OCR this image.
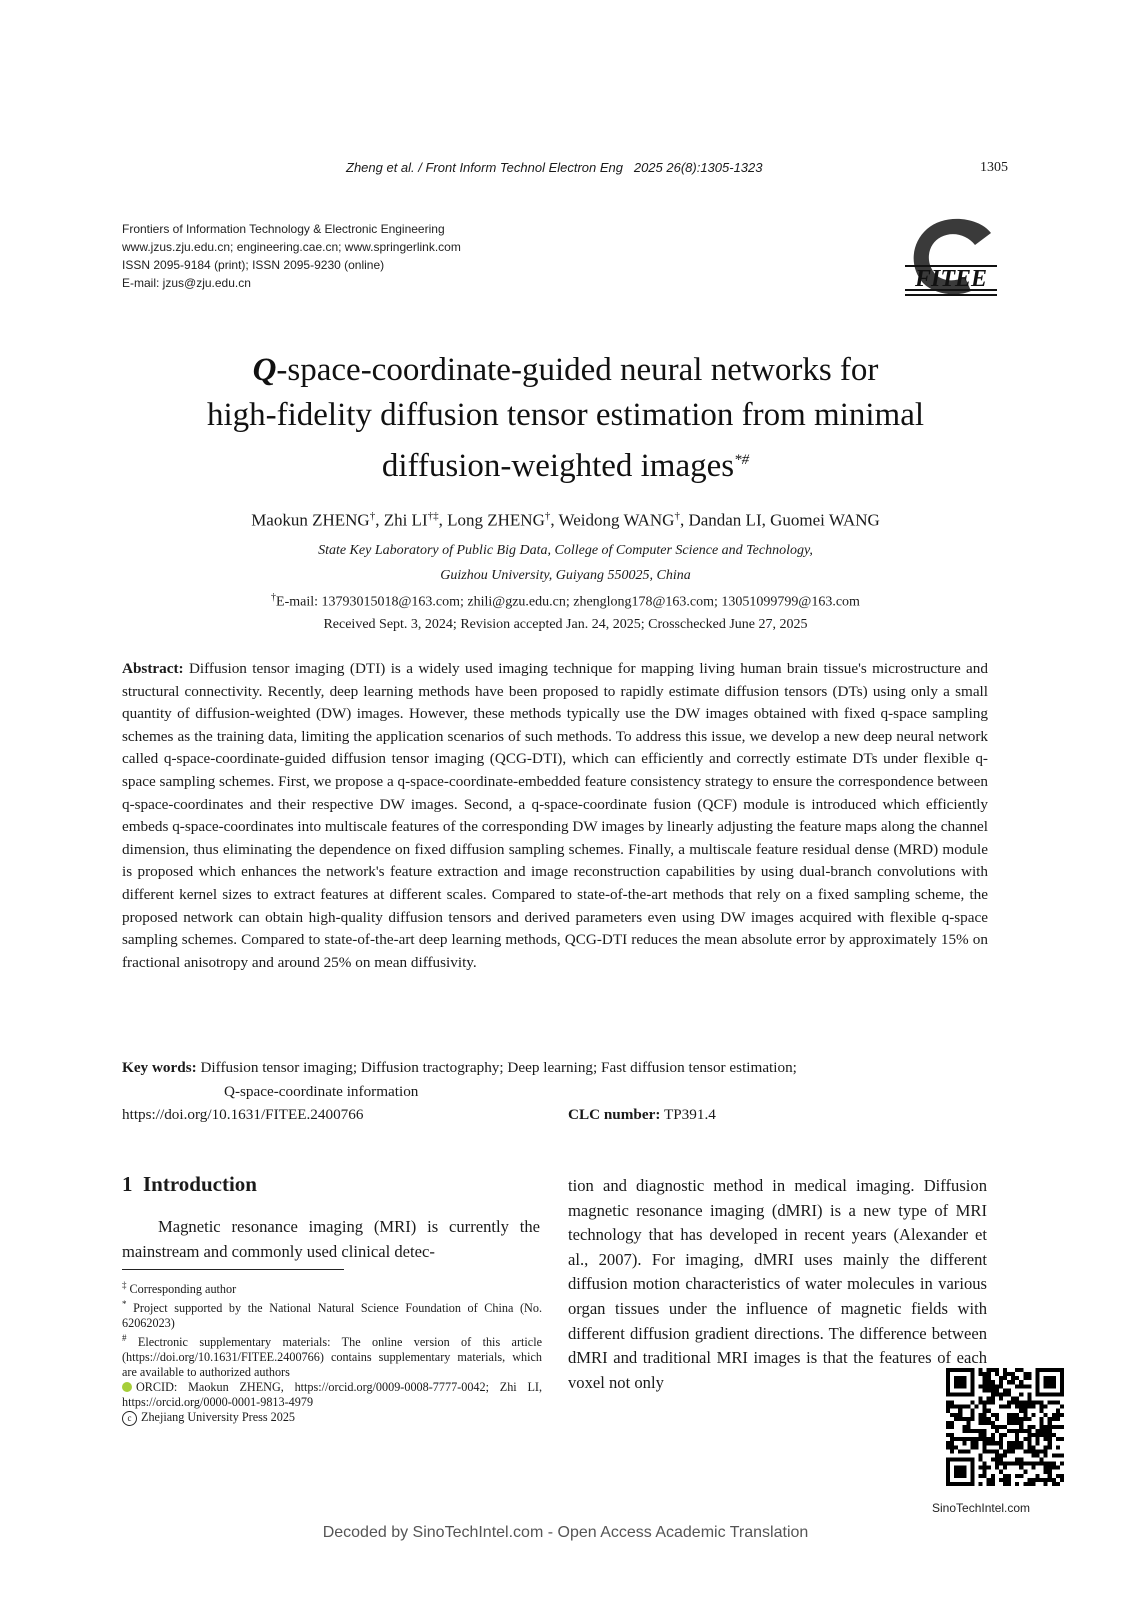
Zheng et al. / Front Inform Technol Electron Eng   2025 26(8):1305-1323	1305
Frontiers of Information Technology & Electronic Engineering
www.jzus.zju.edu.cn; engineering.cae.cn; www.springerlink.com
ISSN 2095-9184 (print); ISSN 2095-9230 (online)
E-mail: jzus@zju.edu.cn	FITEE
Q-space-coordinate-guided neural networks for
high-fidelity diffusion tensor estimation from minimal
diffusion-weighted images*#
Maokun ZHENG†, Zhi LI†‡, Long ZHENG†, Weidong WANG†, Dandan LI, Guomei WANG
State Key Laboratory of Public Big Data, College of Computer Science and Technology,
Guizhou University, Guiyang 550025, China
†E-mail: 13793015018@163.com; zhili@gzu.edu.cn; zhenglong178@163.com; 13051099799@163.com
Received Sept. 3, 2024; Revision accepted Jan. 24, 2025; Crosschecked June 27, 2025
Abstract: Diffusion tensor imaging (DTI) is a widely used imaging technique for mapping living human brain tissue's microstructure and structural connectivity. Recently, deep learning methods have been proposed to rapidly estimate diffusion tensors (DTs) using only a small quantity of diffusion-weighted (DW) images. However, these methods typically use the DW images obtained with fixed q-space sampling schemes as the training data, limiting the application scenarios of such methods. To address this issue, we develop a new deep neural network called q-space-coordinate-guided diffusion tensor imaging (QCG-DTI), which can efficiently and correctly estimate DTs under flexible q-space sampling schemes. First, we propose a q-space-coordinate-embedded feature consistency strategy to ensure the correspondence between q-space-coordinates and their respective DW images. Second, a q-space-coordinate fusion (QCF) module is introduced which efficiently embeds q-space-coordinates into multiscale features of the corresponding DW images by linearly adjusting the feature maps along the channel dimension, thus eliminating the dependence on fixed diffusion sampling schemes. Finally, a multiscale feature residual dense (MRD) module is proposed which enhances the network's feature extraction and image reconstruction capabilities by using dual-branch convolutions with different kernel sizes to extract features at different scales. Compared to state-of-the-art methods that rely on a fixed sampling scheme, the proposed network can obtain high-quality diffusion tensors and derived parameters even using DW images acquired with flexible q-space sampling schemes. Compared to state-of-the-art deep learning methods, QCG-DTI reduces the mean absolute error by approximately 15% on fractional anisotropy and around 25% on mean diffusivity.
Key words: Diffusion tensor imaging; Diffusion tractography; Deep learning; Fast diffusion tensor estimation;
Q-space-coordinate information
https://doi.org/10.1631/FITEE.2400766	CLC number: TP391.4
1 Introduction
Magnetic resonance imaging (MRI) is currently the mainstream and commonly used clinical detec-

‡ Corresponding author

* Project supported by the National Natural Science Foundation of China (No. 62062023)

# Electronic supplementary materials: The online version of this article (https://doi.org/10.1631/FITEE.2400766) contains supplementary materials, which are available to authorized authors

ORCID: Maokun ZHENG, https://orcid.org/0009-0008-7777-0042; Zhi LI, https://orcid.org/0000-0001-9813-4979

c Zhejiang University Press 2025

tion and diagnostic method in medical imaging. Diffusion magnetic resonance imaging (dMRI) is a new type of MRI technology that has developed in recent years (Alexander et al., 2007). For imaging, dMRI uses mainly the different diffusion motion characteristics of water molecules in various organ tissues under the influence of magnetic fields with different diffusion gradient directions. The difference between dMRI and traditional MRI images is that the features of each voxel not only
SinoTechIntel.com
Decoded by SinoTechIntel.com - Open Access Academic Translation
